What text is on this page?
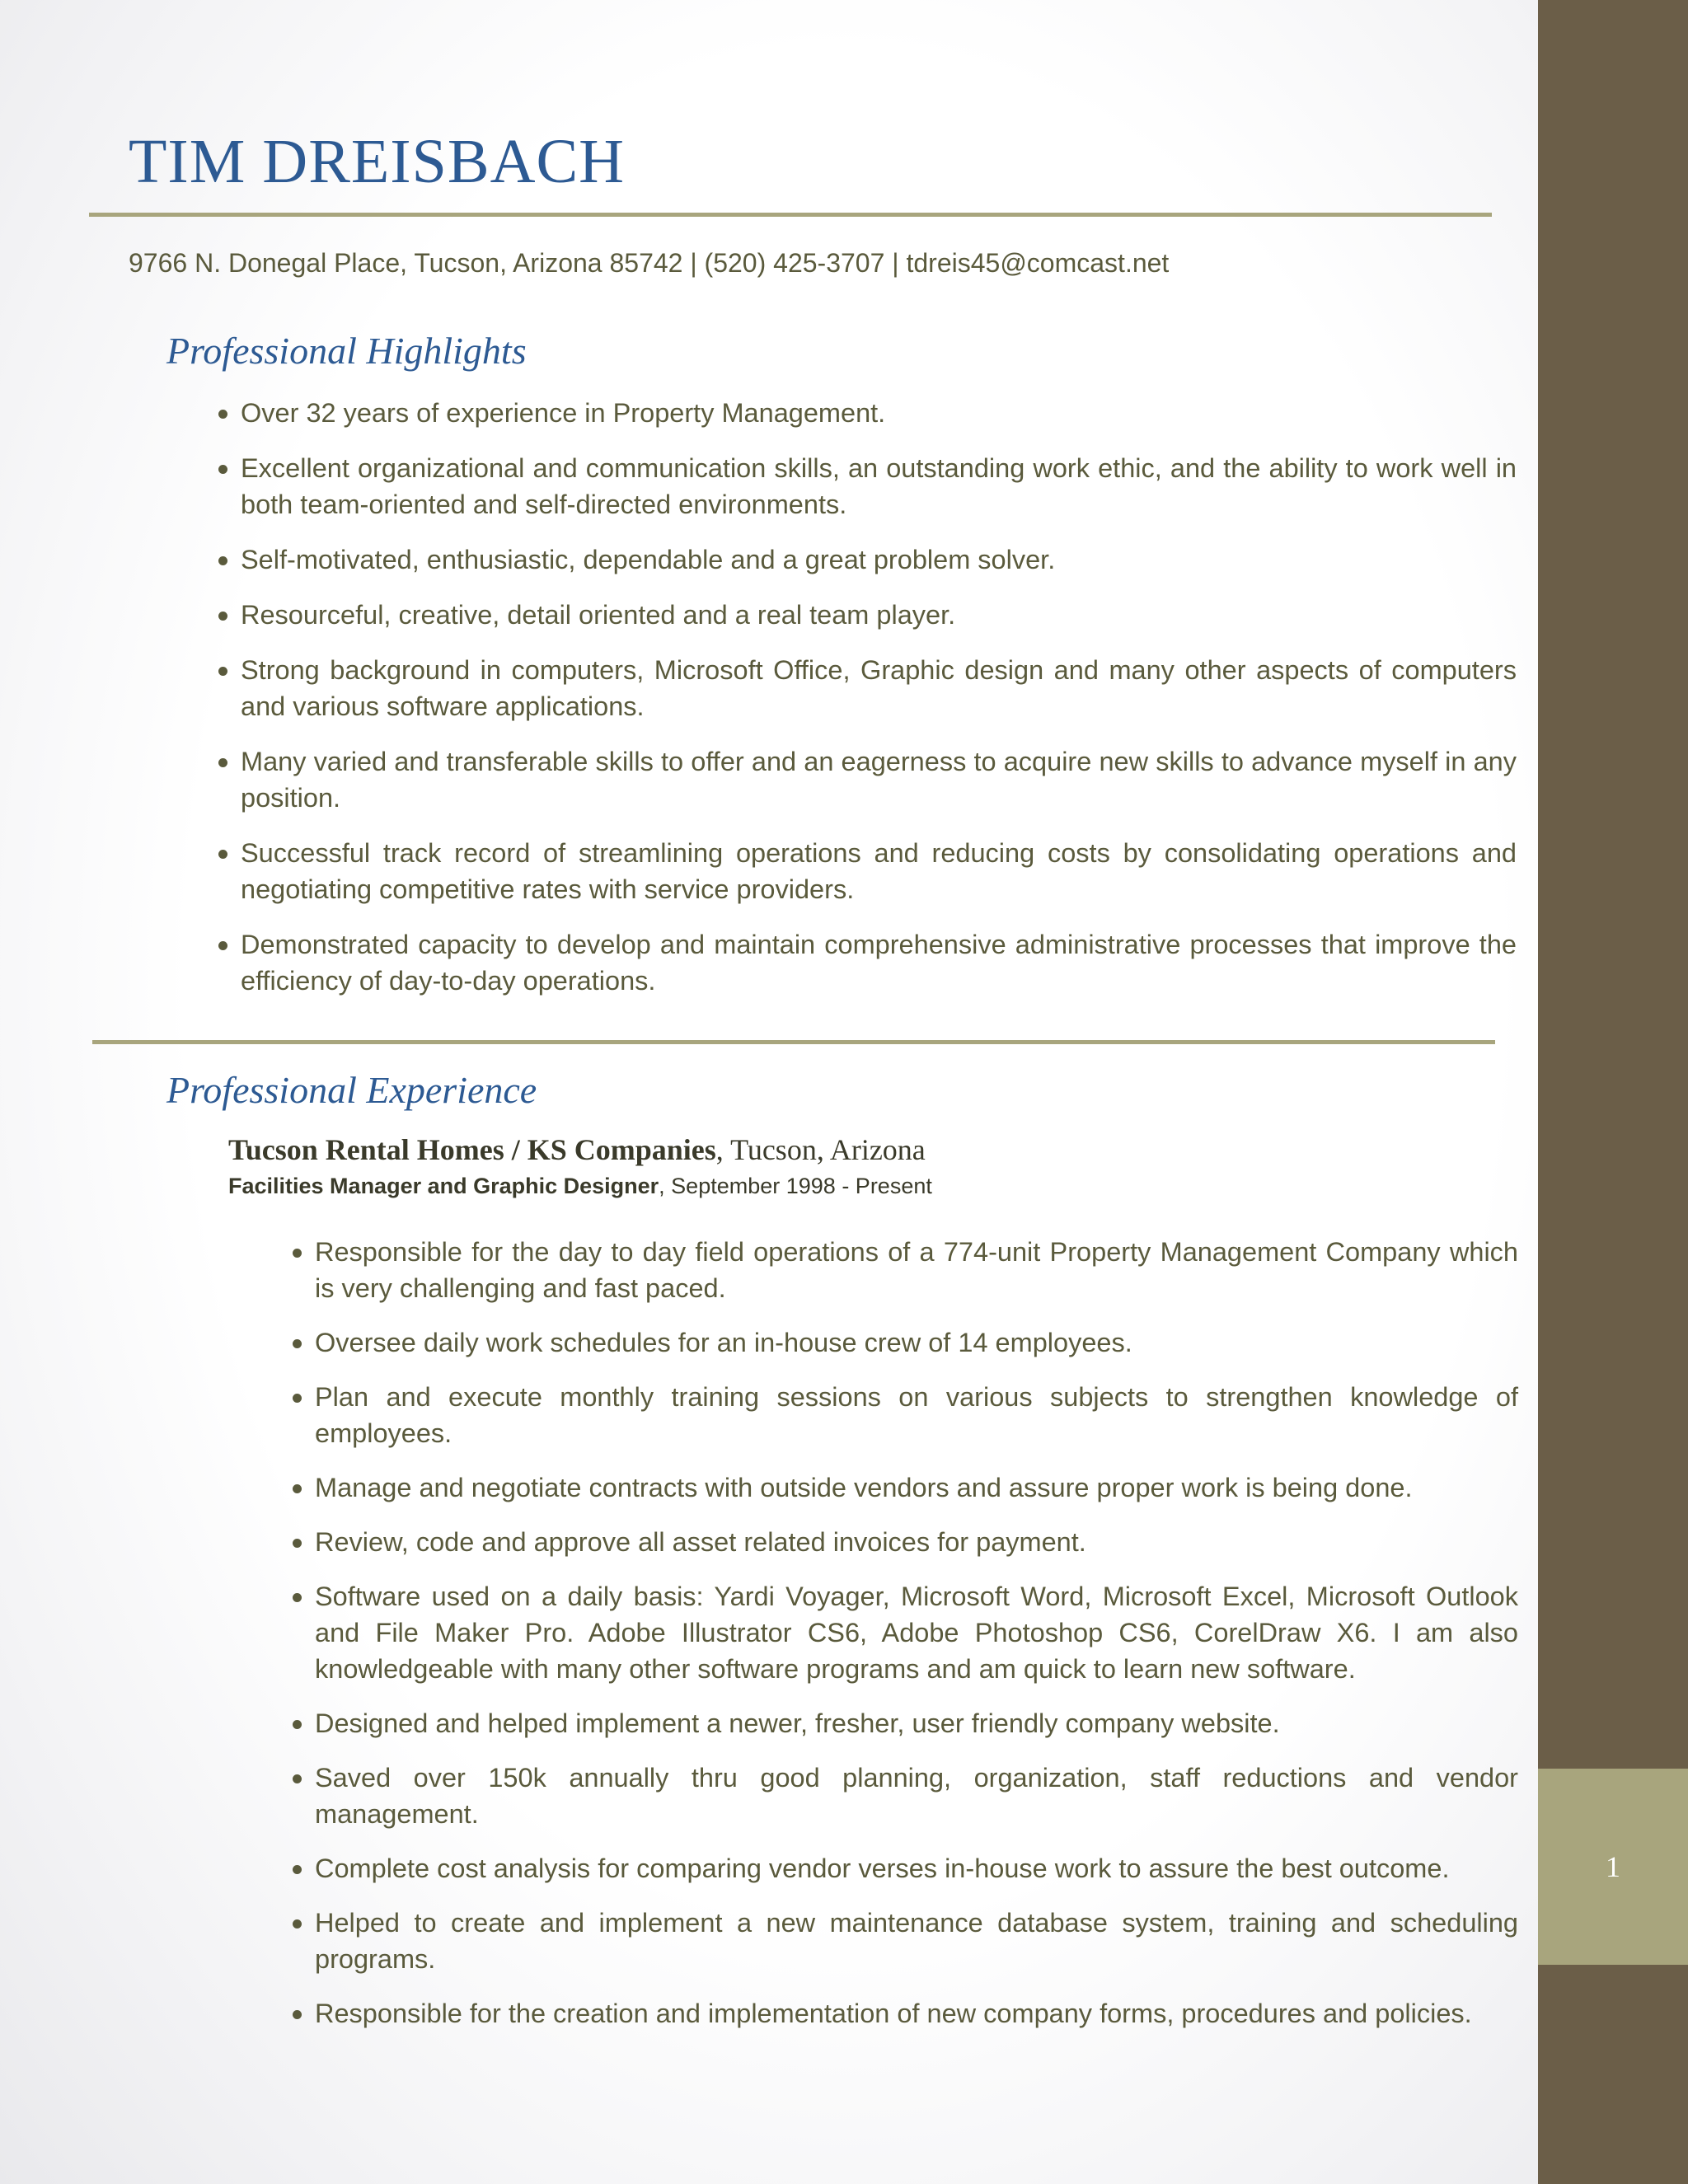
1
TIM DREISBACH
9766 N. Donegal Place, Tucson, Arizona 85742 | (520) 425-3707 | tdreis45@comcast.net
Professional Highlights
Over 32 years of experience in Property Management.
Excellent organizational and communication skills, an outstanding work ethic, and the ability to work well in both team-oriented and self-directed environments.
Self-motivated, enthusiastic, dependable and a great problem solver.
Resourceful, creative, detail oriented and a real team player.
Strong background in computers, Microsoft Office, Graphic design and many other aspects of computers and various software applications.
Many varied and transferable skills to offer and an eagerness to acquire new skills to advance myself in any position.
Successful track record of streamlining operations and reducing costs by consolidating operations and negotiating competitive rates with service providers.
Demonstrated capacity to develop and maintain comprehensive administrative processes that improve the efficiency of day-to-day operations.
Professional Experience
Tucson Rental Homes / KS Companies, Tucson, Arizona
Facilities Manager and Graphic Designer, September 1998 - Present
Responsible for the day to day field operations of a 774-unit Property Management Company which is very challenging and fast paced.
Oversee daily work schedules for an in-house crew of 14 employees.
Plan and execute monthly training sessions on various subjects to strengthen knowledge of employees.
Manage and negotiate contracts with outside vendors and assure proper work is being done.
Review, code and approve all asset related invoices for payment.
Software used on a daily basis: Yardi Voyager, Microsoft Word, Microsoft Excel, Microsoft Outlook and File Maker Pro. Adobe Illustrator CS6, Adobe Photoshop CS6, CorelDraw X6. I am also knowledgeable with many other software programs and am quick to learn new software.
Designed and helped implement a newer, fresher, user friendly company website.
Saved over 150k annually thru good planning, organization, staff reductions and vendor management.
Complete cost analysis for comparing vendor verses in-house work to assure the best outcome.
Helped to create and implement a new maintenance database system, training and scheduling programs.
Responsible for the creation and implementation of new company forms, procedures and policies.
